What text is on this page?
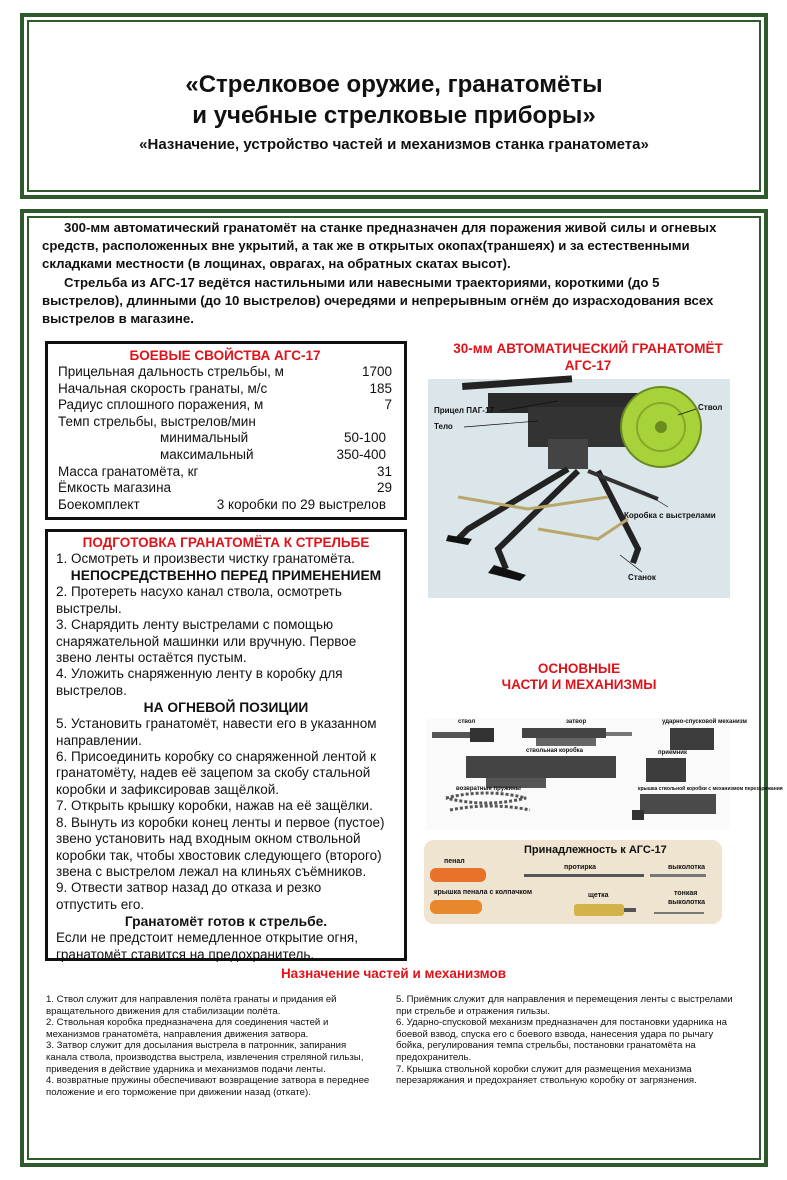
«Стрелковое оружие, гранатомёты
и учебные стрелковые приборы»
«Назначение, устройство частей и механизмов станка гранатомета»

300-мм автоматический гранатомёт на станке предназначен для поражения живой силы и огневых средств, расположенных вне укрытий, а так же в открытых окопах(траншеях) и за естественными складками местности (в лощинах, оврагах, на обратных скатах высот).

Стрельба из АГС-17 ведётся настильными или навесными траекториями, короткими (до 5 выстрелов), длинными (до 10 выстрелов) очередями и непрерывным огнём до израсходования всех выстрелов в магазине.

БОЕВЫЕ СВОЙСТВА АГС-17
Прицельная дальность стрельбы, м	1700
Начальная скорость гранаты, м/с	185
Радиус сплошного поражения, м	7
Темп стрельбы, выстрелов/мин
минимальный	50-100
максимальный	350-400
Масса гранатомёта, кг	31
Ёмкость магазина	29
Боекомплект	3 коробки по 29 выстрелов
ПОДГОТОВКА ГРАНАТОМЁТА К СТРЕЛЬБЕ
1. Осмотреть и произвести чистку гранатомёта.
НЕПОСРЕДСТВЕННО ПЕРЕД ПРИМЕНЕНИЕМ
2. Протереть насухо канал ствола, осмотреть
выстрелы.
3. Снарядить ленту выстрелами с помощью
снаряжательной машинки или вручную. Первое
звено ленты остаётся пустым.
4. Уложить снаряженную ленту в коробку для
выстрелов.
НА ОГНЕВОЙ ПОЗИЦИИ
5. Установить гранатомёт, навести его в указанном
направлении.
6. Присоединить коробку со снаряженной лентой к
гранатомёту, надев её зацепом за скобу стальной
коробки и зафиксировав защёлкой.
7. Открыть крышку коробки, нажав на её защёлки.
8. Вынуть из коробки конец ленты и первое (пустое)
звено установить над входным окном ствольной
коробки так, чтобы хвостовик следующего (второго)
звена с выстрелом лежал на клиньях съёмников.
9. Отвести затвор назад до отказа и резко
отпустить его.
Гранатомёт готов к стрельбе.
Если не предстоит немедленное открытие огня,
гранатомёт ставится на предохранитель.
30-мм АВТОМАТИЧЕСКИЙ ГРАНАТОМЁТ
АГС-17
Прицел ПАГ-17	Ствол
Тело
Коробка с выстрелами
Станок
ОСНОВНЫЕ
ЧАСТИ И МЕХАНИЗМЫ
ствол	затвор	ударно-спусковой механизм
ствольная коробка
возвратные пружины
приемник
крышка ствольной коробки с механизмом перезаряжания
Принадлежность к АГС-17
пенал
протирка	выколотка
крышка пенала с колпачком	щетка	тонкая
выколотка
Назначение частей и механизмов
1. Ствол служит для направления полёта гранаты и придания ей вращательного движения для стабилизации полёта.
2. Ствольная коробка предназначена для соединения частей и механизмов гранатомёта, направления движения затвора.
3. Затвор служит для досылания выстрела в патронник, запирания канала ствола, производства выстрела, извлечения стреляной гильзы, приведения в действие ударника и механизмов подачи ленты.
4. возвратные пружины обеспечивают возвращение затвора в переднее положение и его торможение при движении назад (откате).
5. Приёмник служит для направления и перемещения ленты с выстрелами при стрельбе и отражения гильзы.
6. Ударно-спусковой механизм предназначен для постановки ударника на боевой взвод, спуска его с боевого взвода, нанесения удара по рычагу бойка, регулирования темпа стрельбы, постановки гранатомёта на предохранитель.
7. Крышка ствольной коробки служит для размещения механизма перезаряжания и предохраняет ствольную коробку от загрязнения.
